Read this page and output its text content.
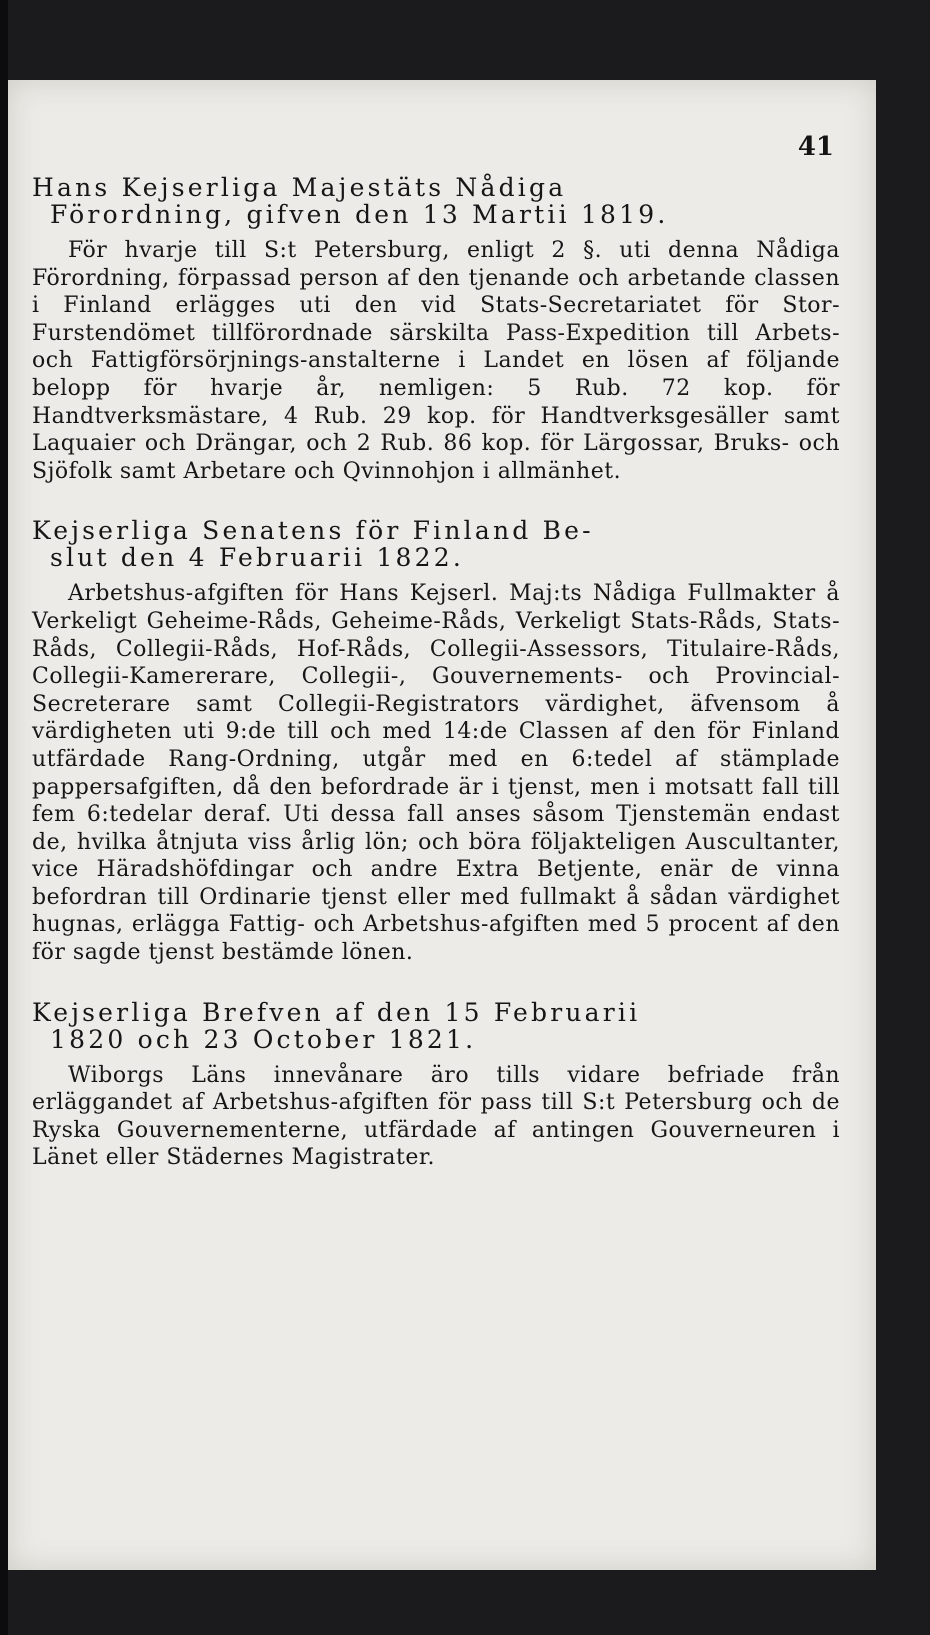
41
Hans Kejserliga Majestäts Nådiga
Förordning, gifven den 13 Martii 1819.

För hvarje till S:t Petersburg, enligt 2 §. uti denna Nådiga Förordning, förpassad person af den tjenande och arbetande classen i Finland erlägges uti den vid Stats-Secretariatet för Stor-Furstendömet tillförordnade särskilta Pass-Expedition till Arbets- och Fattigförsörjnings-anstalterne i Landet en lösen af följande belopp för hvarje år, nemligen: 5 Rub. 72 kop. för Handtverksmästare, 4 Rub. 29 kop. för Handtverksgesäller samt Laquaier och Drängar, och 2 Rub. 86 kop. för Lärgossar, Bruks- och Sjöfolk samt Arbetare och Qvinnohjon i allmänhet.

Kejserliga Senatens för Finland Be-
slut den 4 Februarii 1822.

Arbetshus-afgiften för Hans Kejserl. Maj:ts Nådiga Fullmakter å Verkeligt Geheime-Råds, Geheime-Råds, Verkeligt Stats-Råds, Stats-Råds, Collegii-Råds, Hof-Råds, Collegii-Assessors, Titulaire-Råds, Collegii-Kamererare, Collegii-, Gouvernements- och Provincial-Secreterare samt Collegii-Registrators värdighet, äfvensom å värdigheten uti 9:de till och med 14:de Classen af den för Finland utfärdade Rang-Ordning, utgår med en 6:tedel af stämplade pappersafgiften, då den befordrade är i tjenst, men i motsatt fall till fem 6:tedelar deraf. Uti dessa fall anses såsom Tjenstemän endast de, hvilka åtnjuta viss årlig lön; och böra följakteligen Auscultanter, vice Häradshöfdingar och andre Extra Betjente, enär de vinna befordran till Ordinarie tjenst eller med fullmakt å sådan värdighet hugnas, erlägga Fattig- och Arbetshus-afgiften med 5 procent af den för sagde tjenst bestämde lönen.

Kejserliga Brefven af den 15 Februarii
1820 och 23 October 1821.

Wiborgs Läns innevånare äro tills vidare befriade från erläggandet af Arbetshus-afgiften för pass till S:t Petersburg och de Ryska Gouvernementerne, utfärdade af antingen Gouverneuren i Länet eller Städernes Magistrater.
